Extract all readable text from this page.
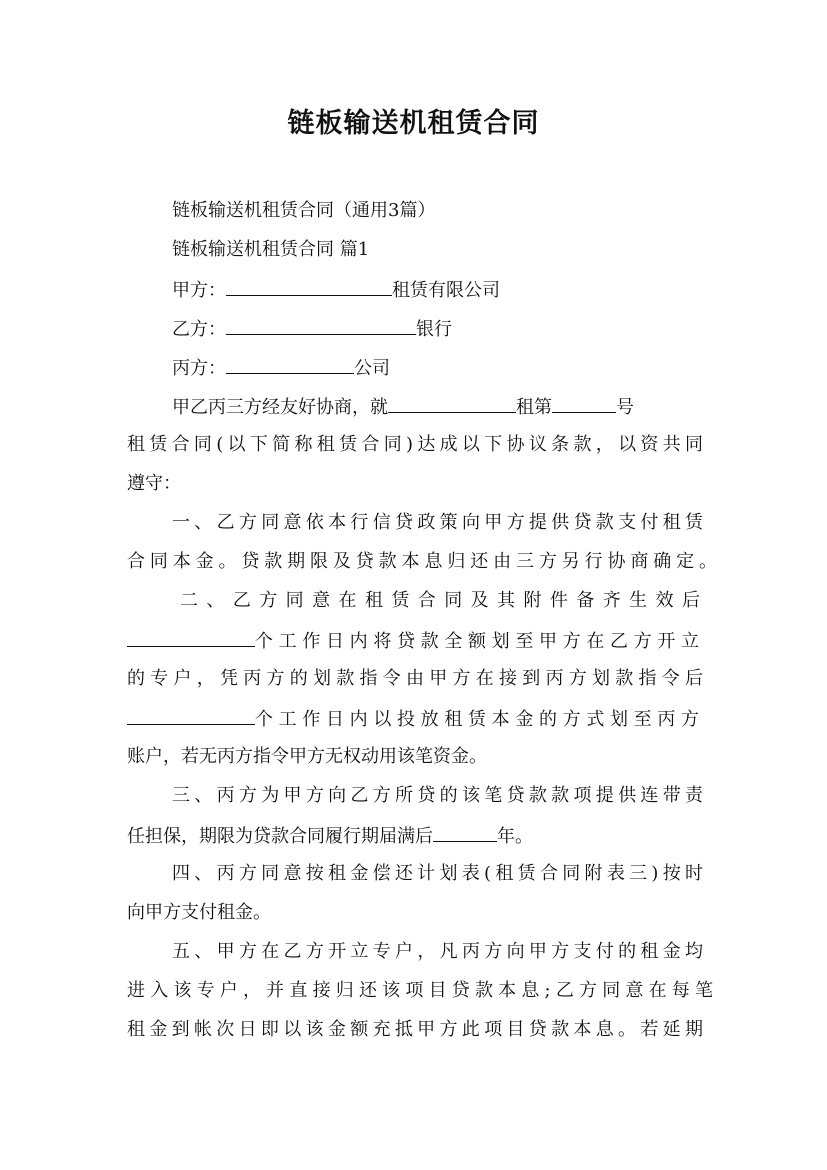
链板输送机租赁合同
链板输送机租赁合同（通用3篇）
链板输送机租赁合同 篇1
甲方：	租赁有限公司
乙方：	银行
丙方：	公司
甲乙丙三方经友好协商，就	租第	号
租赁合同(以下简称租赁合同)达成以下协议条款，以资共同
遵守：
一、乙方同意依本行信贷政策向甲方提供贷款支付租赁
合同本金。贷款期限及贷款本息归还由三方另行协商确定。
二、乙方同意在租赁合同及其附件备齐生效后
个工作日内将贷款全额划至甲方在乙方开立
的专户，凭丙方的划款指令由甲方在接到丙方划款指令后
个工作日内以投放租赁本金的方式划至丙方
账户，若无丙方指令甲方无权动用该笔资金。
三、丙方为甲方向乙方所贷的该笔贷款款项提供连带责
任担保，期限为贷款合同履行期届满后	年。
四、丙方同意按租金偿还计划表(租赁合同附表三)按时
向甲方支付租金。
五、甲方在乙方开立专户，凡丙方向甲方支付的租金均
进入该专户，并直接归还该项目贷款本息;乙方同意在每笔
租金到帐次日即以该金额充抵甲方此项目贷款本息。若延期
